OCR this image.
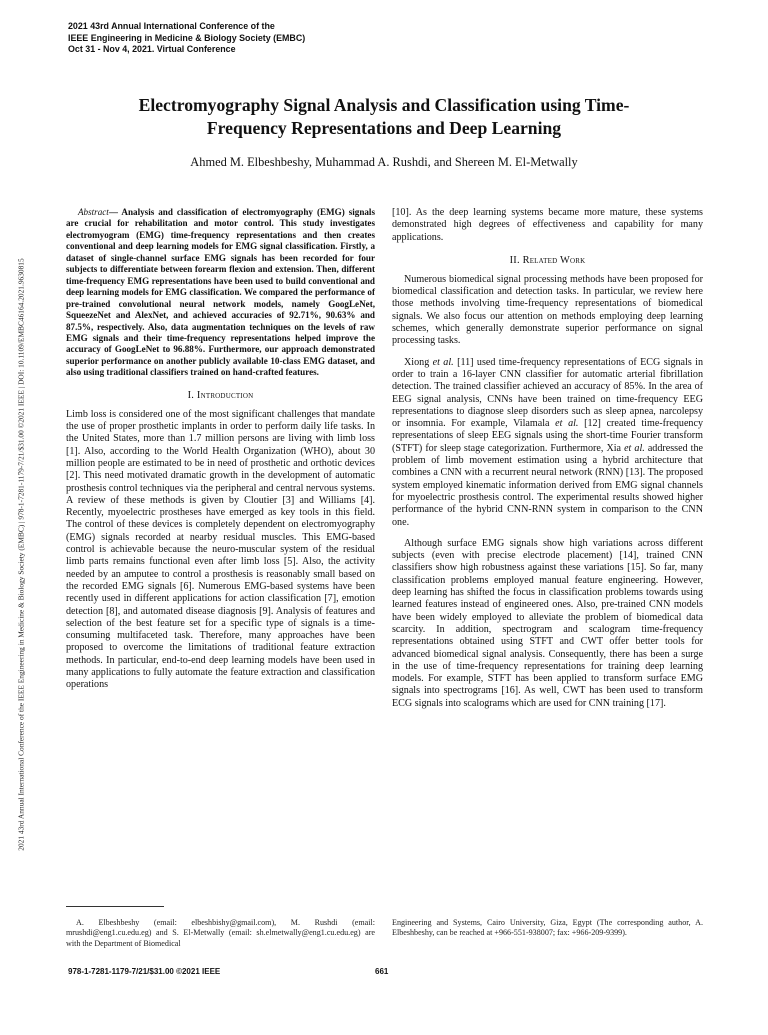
2021 43rd Annual International Conference of the
IEEE Engineering in Medicine & Biology Society (EMBC)
Oct 31 - Nov 4, 2021. Virtual Conference
2021 43rd Annual International Conference of the IEEE Engineering in Medicine & Biology Society (EMBC) | 978-1-7281-1179-7/21/$31.00 ©2021 IEEE | DOI: 10.1109/EMBC46164.2021.9630815
Electromyography Signal Analysis and Classification using Time-
Frequency Representations and Deep Learning
Ahmed M. Elbeshbeshy, Muhammad A. Rushdi, and Shereen M. El-Metwally

Abstract— Analysis and classification of electromyography (EMG) signals are crucial for rehabilitation and motor control. This study investigates electromyogram (EMG) time-frequency representations and then creates conventional and deep learning models for EMG signal classification. Firstly, a dataset of single-channel surface EMG signals has been recorded for four subjects to differentiate between forearm flexion and extension. Then, different time-frequency EMG representations have been used to build conventional and deep learning models for EMG classification. We compared the performance of pre-trained convolutional neural network models, namely GoogLeNet, SqueezeNet and AlexNet, and achieved accuracies of 92.71%, 90.63% and 87.5%, respectively. Also, data augmentation techniques on the levels of raw EMG signals and their time-frequency representations helped improve the accuracy of GoogLeNet to 96.88%. Furthermore, our approach demonstrated superior performance on another publicly available 10-class EMG dataset, and also using traditional classifiers trained on hand-crafted features.

I. Introduction

Limb loss is considered one of the most significant challenges that mandate the use of proper prosthetic implants in order to perform daily life tasks. In the United States, more than 1.7 million persons are living with limb loss [1]. Also, according to the World Health Organization (WHO), about 30 million people are estimated to be in need of prosthetic and orthotic devices [2]. This need motivated dramatic growth in the development of automatic prosthesis control techniques via the peripheral and central nervous systems. A review of these methods is given by Cloutier [3] and Williams [4]. Recently, myoelectric prostheses have emerged as key tools in this field. The control of these devices is completely dependent on electromyography (EMG) signals recorded at nearby residual muscles. This EMG-based control is achievable because the neuro-muscular system of the residual limb parts remains functional even after limb loss [5]. Also, the activity needed by an amputee to control a prosthesis is reasonably small based on the recorded EMG signals [6]. Numerous EMG-based systems have been recently used in different applications for action classification [7], emotion detection [8], and automated disease diagnosis [9]. Analysis of features and selection of the best feature set for a specific type of signals is a time-consuming multifaceted task. Therefore, many approaches have been proposed to overcome the limitations of traditional feature extraction methods. In particular, end-to-end deep learning models have been used in many applications to fully automate the feature extraction and classification operations

[10]. As the deep learning systems became more mature, these systems demonstrated high degrees of effectiveness and capability for many applications.

II. Related Work

Numerous biomedical signal processing methods have been proposed for biomedical classification and detection tasks. In particular, we review here those methods involving time-frequency representations of biomedical signals. We also focus our attention on methods employing deep learning schemes, which generally demonstrate superior performance on signal processing tasks.

Xiong et al. [11] used time-frequency representations of ECG signals in order to train a 16-layer CNN classifier for automatic arterial fibrillation detection. The trained classifier achieved an accuracy of 85%. In the area of EEG signal analysis, CNNs have been trained on time-frequency EEG representations to diagnose sleep disorders such as sleep apnea, narcolepsy or insomnia. For example, Vilamala et al. [12] created time-frequency representations of sleep EEG signals using the short-time Fourier transform (STFT) for sleep stage categorization. Furthermore, Xia et al. addressed the problem of limb movement estimation using a hybrid architecture that combines a CNN with a recurrent neural network (RNN) [13]. The proposed system employed kinematic information derived from EMG signal channels for myoelectric prosthesis control. The experimental results showed higher performance of the hybrid CNN-RNN system in comparison to the CNN one.

Although surface EMG signals show high variations across different subjects (even with precise electrode placement) [14], trained CNN classifiers show high robustness against these variations [15]. So far, many classification problems employed manual feature engineering. However, deep learning has shifted the focus in classification problems towards using learned features instead of engineered ones. Also, pre-trained CNN models have been widely employed to alleviate the problem of biomedical data scarcity. In addition, spectrogram and scalogram time-frequency representations obtained using STFT and CWT offer better tools for advanced biomedical signal analysis. Consequently, there has been a surge in the use of time-frequency representations for training deep learning models. For example, STFT has been applied to transform surface EMG signals into spectrograms [16]. As well, CWT has been used to transform ECG signals into scalograms which are used for CNN training [17].

A. Elbeshbeshy (email: elbeshbishy@gmail.com), M. Rushdi (email: mrushdi@eng1.cu.edu.eg) and S. El-Metwally (email: sh.elmetwally@eng1.cu.edu.eg) are with the Department of Biomedical
Engineering and Systems, Cairo University, Giza, Egypt (The corresponding author, A. Elbeshbeshy, can be reached at +966-551-938007; fax: +966-209-9399).
978-1-7281-1179-7/21/$31.00 ©2021 IEEE	661
